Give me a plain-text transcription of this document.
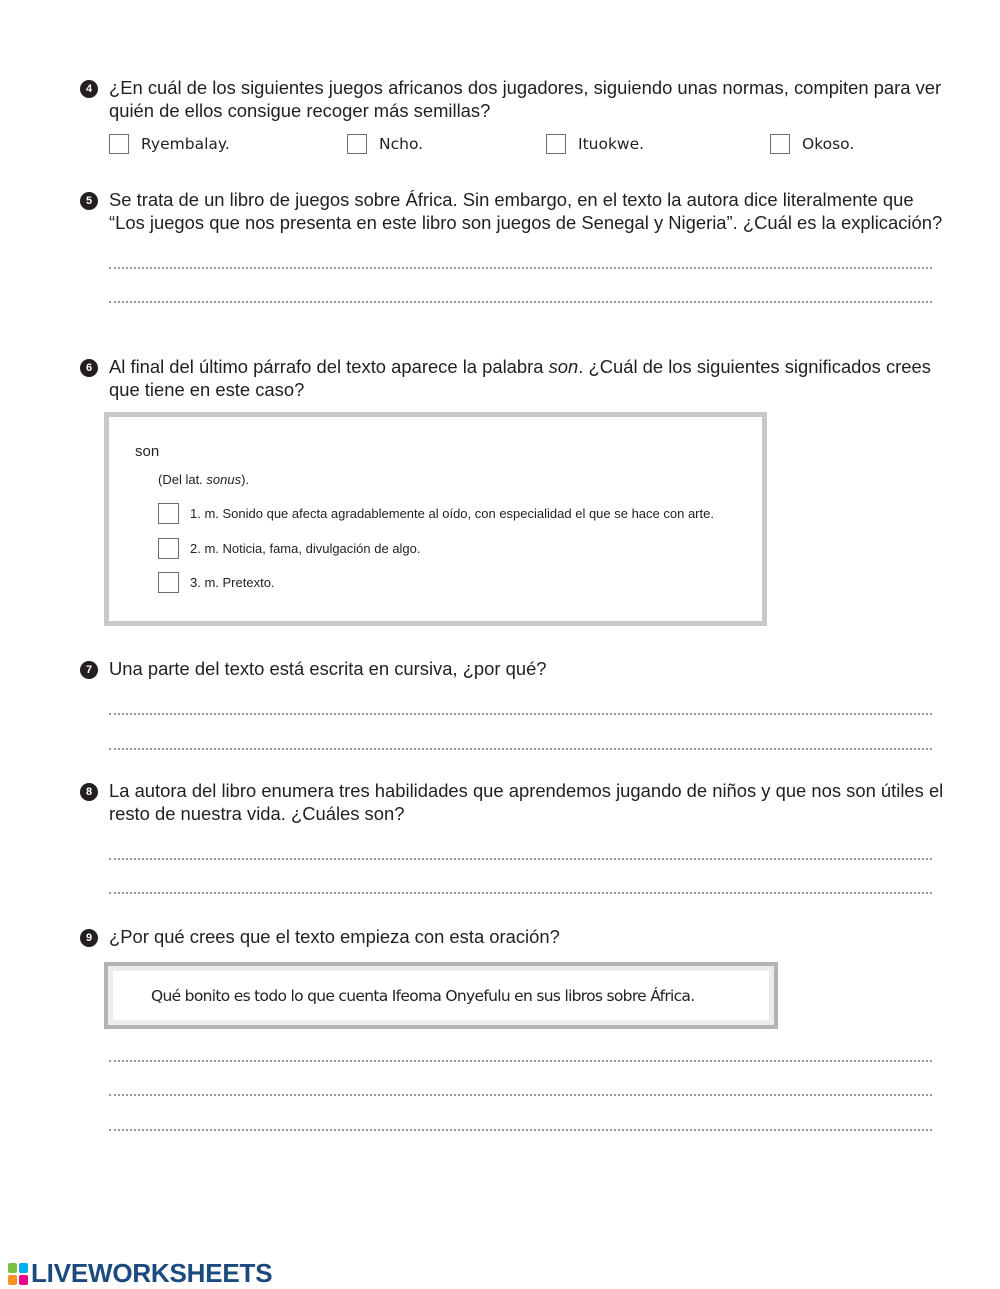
4 ¿En cuál de los siguientes juegos africanos dos jugadores, siguiendo unas normas, compiten para ver quién de ellos consigue recoger más semillas?
Ryembalay.	Ncho.	Ituokwe.	Okoso.
5 Se trata de un libro de juegos sobre África. Sin embargo, en el texto la autora dice literalmente que “Los juegos que nos presenta en este libro son juegos de Senegal y Nigeria”. ¿Cuál es la explicación?
6 Al final del último párrafo del texto aparece la palabra son. ¿Cuál de los siguientes significados crees que tiene en este caso?
son
(Del lat. sonus).
1. m. Sonido que afecta agradablemente al oído, con especialidad el que se hace con arte.
2. m. Noticia, fama, divulgación de algo.
3. m. Pretexto.
7 Una parte del texto está escrita en cursiva, ¿por qué?
8 La autora del libro enumera tres habilidades que aprendemos jugando de niños y que nos son útiles el resto de nuestra vida. ¿Cuáles son?
9 ¿Por qué crees que el texto empieza con esta oración?
Qué bonito es todo lo que cuenta Ifeoma Onyefulu en sus libros sobre África.
LIVEWORKSHEETS
